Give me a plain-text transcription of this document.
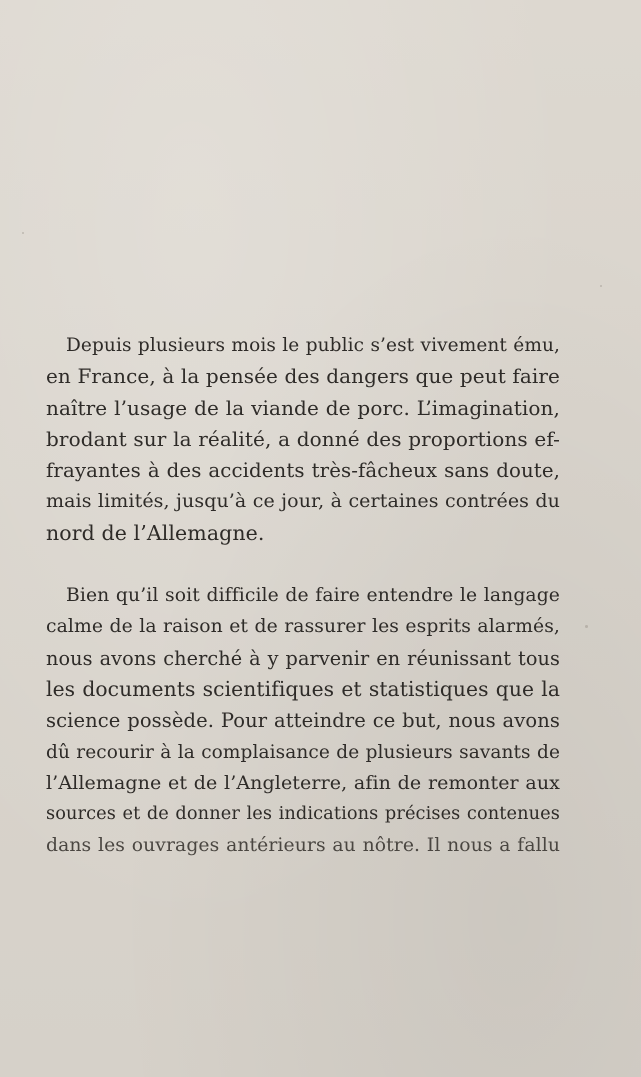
Depuis plusieurs mois le public s’est vivement ému,
en France, à la pensée des dangers que peut faire
naître l’usage de la viande de porc. L’imagination,
brodant sur la réalité, a donné des proportions ef-
frayantes à des accidents très-fâcheux sans doute,
mais limités, jusqu’à ce jour, à certaines contrées du
nord de l’Allemagne.
Bien qu’il soit difficile de faire entendre le langage
calme de la raison et de rassurer les esprits alarmés,
nous avons cherché à y parvenir en réunissant tous
les documents scientifiques et statistiques que la
science possède. Pour atteindre ce but, nous avons
dû recourir à la complaisance de plusieurs savants de
l’Allemagne et de l’Angleterre, afin de remonter aux
sources et de donner les indications précises contenues
dans les ouvrages antérieurs au nôtre. Il nous a fallu
